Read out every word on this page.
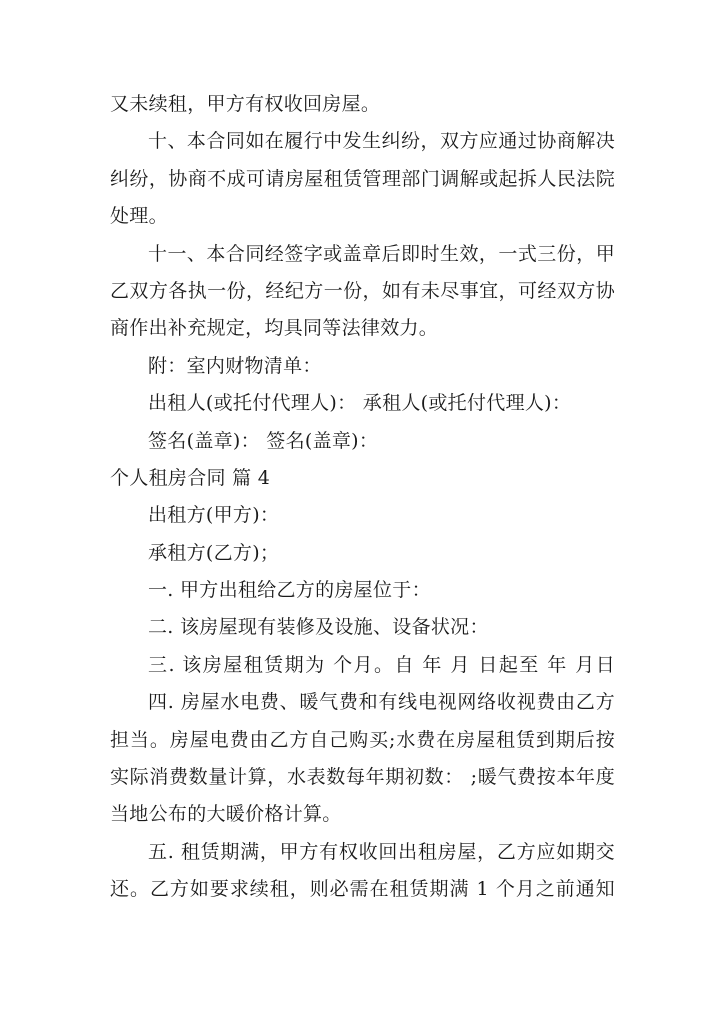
又未续租，甲方有权收回房屋。
十、本合同如在履行中发生纠纷，双方应通过协商解决
纠纷，协商不成可请房屋租赁管理部门调解或起拆人民法院
处理。
十一、本合同经签字或盖章后即时生效，一式三份，甲
乙双方各执一份，经纪方一份，如有未尽事宜，可经双方协
商作出补充规定，均具同等法律效力。
附：室内财物清单：
出租人(或托付代理人)： 承租人(或托付代理人)：
签名(盖章)： 签名(盖章)：
个人租房合同 篇 4
出租方(甲方)：
承租方(乙方)；
一. 甲方出租给乙方的房屋位于：
二. 该房屋现有装修及设施、设备状况：
三. 该房屋租赁期为 个月。自 年 月 日起至 年 月日
四. 房屋水电费、暖气费和有线电视网络收视费由乙方
担当。房屋电费由乙方自己购买;水费在房屋租赁到期后按
实际消费数量计算，水表数每年期初数： ;暖气费按本年度
当地公布的大暖价格计算。
五. 租赁期满，甲方有权收回出租房屋，乙方应如期交
还。乙方如要求续租，则必需在租赁期满 1 个月之前通知
